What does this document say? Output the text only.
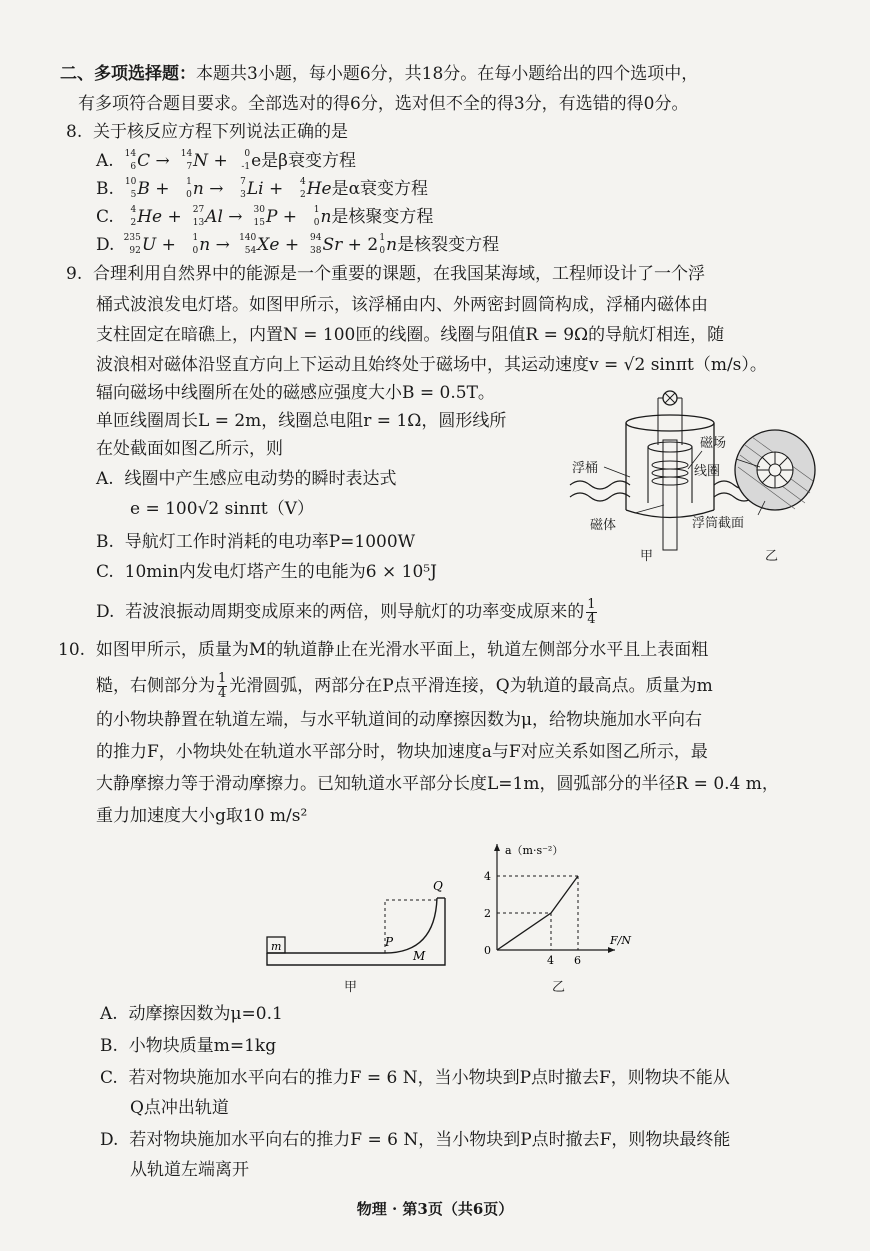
二、多项选择题：本题共3小题，每小题6分，共18分。在每小题给出的四个选项中，
有多项符合题目要求。全部选对的得6分，选对但不全的得3分，有选错的得0分。
8. 关于核反应方程下列说法正确的是
A. 14
6 C → 14
7 N + 0
-1 e是β衰变方程
B. 10
5 B + 1
0 n → 7
3 Li + 4
2 He是α衰变方程
C. 4
2 He + 27
13 Al → 30
15 P + 1
0 n是核聚变方程
D. 235
92 U + 1
0 n → 140
54 Xe + 94
38 Sr + 2 1
0 n是核裂变方程
9. 合理利用自然界中的能源是一个重要的课题，在我国某海域，工程师设计了一个浮
桶式波浪发电灯塔。如图甲所示，该浮桶由内、外两密封圆筒构成，浮桶内磁体由
支柱固定在暗礁上，内置N = 100匝的线圈。线圈与阻值R = 9Ω的导航灯相连，随
波浪相对磁体沿竖直方向上下运动且始终处于磁场中，其运动速度v = √2 sinπt（m/s）。
辐向磁场中线圈所在处的磁感应强度大小B = 0.5T。
单匝线圈周长L = 2m，线圈总电阻r = 1Ω，圆形线所
在处截面如图乙所示，则
A. 线圈中产生感应电动势的瞬时表达式
e = 100√2 sinπt（V）
B. 导航灯工作时消耗的电功率P=1000W
C. 10min内发电灯塔产生的电能为6 × 10⁵J
D. 若波浪振动周期变成原来的两倍，则导航灯的功率变成原来的 $\frac{1}{4}$
浮桶	线圈
磁体
磁场
浮筒截面
甲	乙
10. 如图甲所示，质量为M的轨道静止在光滑水平面上，轨道左侧部分水平且上表面粗
糙，右侧部分为 $\frac{1}{4}$ 光滑圆弧，两部分在P点平滑连接，Q为轨道的最高点。质量为m
的小物块静置在轨道左端，与水平轨道间的动摩擦因数为μ，给物块施加水平向右
的推力F，小物块处在轨道水平部分时，物块加速度a与F对应关系如图乙所示，最
大静摩擦力等于滑动摩擦力。已知轨道水平部分长度L=1m，圆弧部分的半径R = 0.4 m，
重力加速度大小g取10 m/s²
m	P
Q
M
甲
4 6
0
2
4
a（m·s⁻²）
F/N
乙
A. 动摩擦因数为μ=0.1
B. 小物块质量m=1kg
C. 若对物块施加水平向右的推力F = 6 N，当小物块到P点时撤去F，则物块不能从
Q点冲出轨道
D. 若对物块施加水平向右的推力F = 6 N，当小物块到P点时撤去F，则物块最终能
从轨道左端离开
物理 · 第3页（共6页）
